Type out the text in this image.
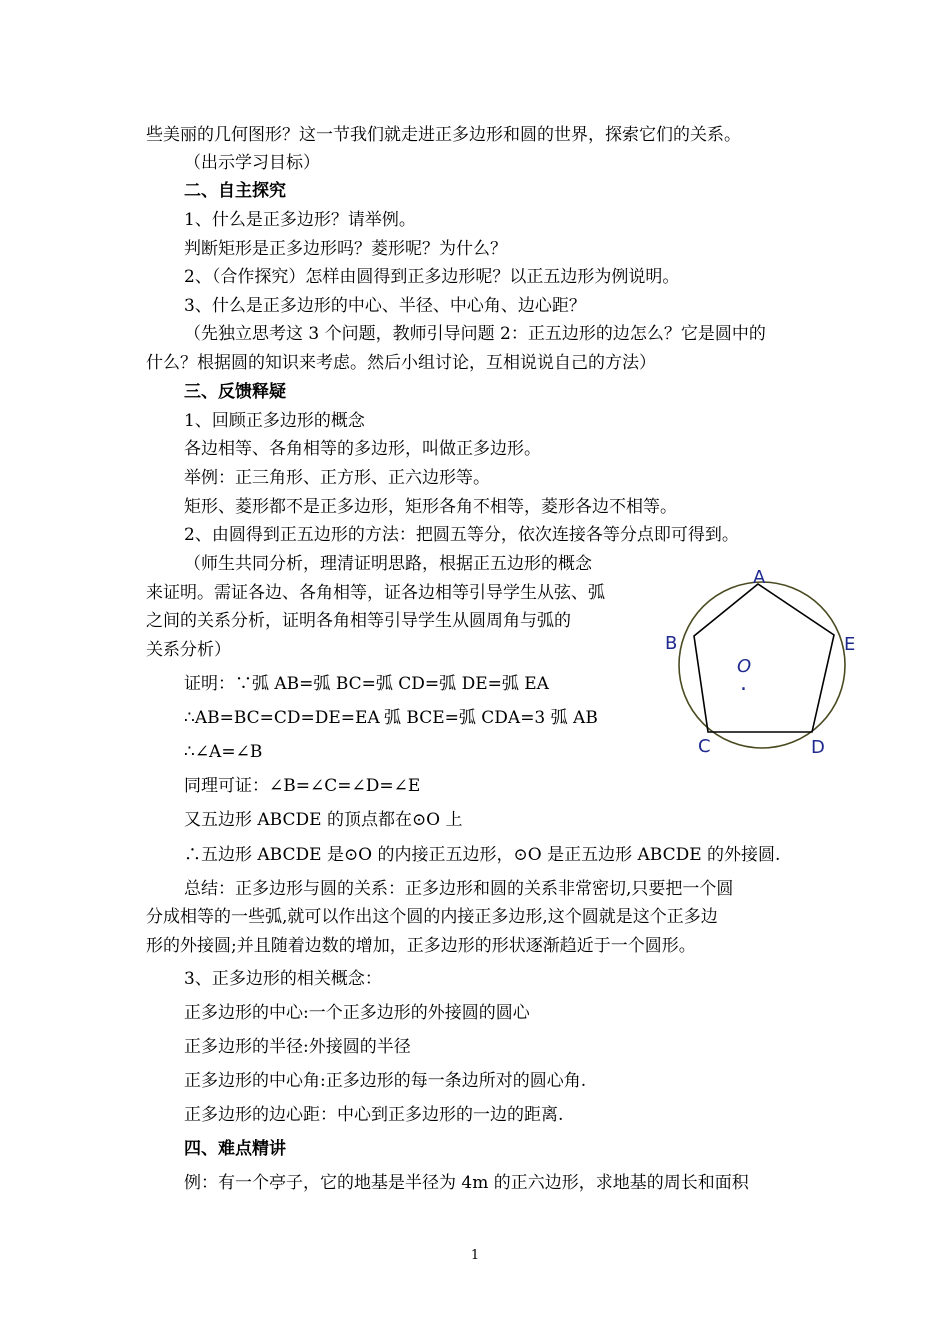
些美丽的几何图形？这一节我们就走进正多边形和圆的世界，探索它们的关系。
（出示学习目标）
二、自主探究
1、什么是正多边形？请举例。
判断矩形是正多边形吗？菱形呢？为什么？
2、（合作探究）怎样由圆得到正多边形呢？以正五边形为例说明。
3、什么是正多边形的中心、半径、中心角、边心距？
（先独立思考这 3 个问题，教师引导问题 2：正五边形的边怎么？它是圆中的
什么？根据圆的知识来考虑。然后小组讨论，互相说说自己的方法）
三、反馈释疑
1、回顾正多边形的概念
各边相等、各角相等的多边形，叫做正多边形。
举例：正三角形、正方形、正六边形等。
矩形、菱形都不是正多边形，矩形各角不相等，菱形各边不相等。
2、由圆得到正五边形的方法：把圆五等分，依次连接各等分点即可得到。
（师生共同分析，理清证明思路，根据正五边形的概念
来证明。需证各边、各角相等，证各边相等引导学生从弦、弧
之间的关系分析，证明各角相等引导学生从圆周角与弧的
关系分析）
证明：∵弧 AB=弧 BC=弧 CD=弧 DE=弧 EA
∴AB=BC=CD=DE=EA 弧 BCE=弧 CDA=3 弧 AB
∴∠A=∠B
同理可证：∠B=∠C=∠D=∠E
又五边形 ABCDE 的顶点都在⊙O 上
∴五边形 ABCDE 是⊙O 的内接正五边形，⊙O 是正五边形 ABCDE 的外接圆.
总结：正多边形与圆的关系：正多边形和圆的关系非常密切,只要把一个圆
分成相等的一些弧,就可以作出这个圆的内接正多边形,这个圆就是这个正多边
形的外接圆;并且随着边数的增加，正多边形的形状逐渐趋近于一个圆形。
3、正多边形的相关概念：
正多边形的中心:一个正多边形的外接圆的圆心
正多边形的半径:外接圆的半径
正多边形的中心角:正多边形的每一条边所对的圆心角.
正多边形的边心距：中心到正多边形的一边的距离.
四、难点精讲
例：有一个亭子，它的地基是半径为 4m 的正六边形，求地基的周长和面积
A
B	E
C	D
O
.
1
